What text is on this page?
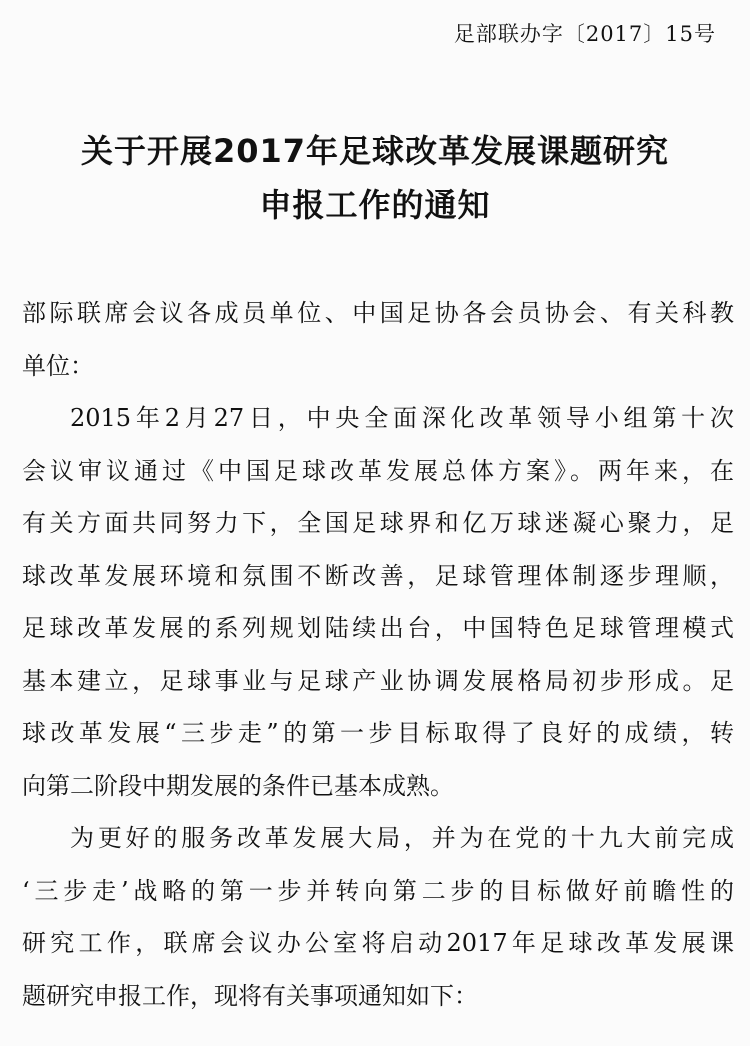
足部联办字〔2017〕15号
关于开展2017年足球改革发展课题研究
申报工作的通知
部际联席会议各成员单位、中国足协各会员协会、有关科教
单位：
2015年2月27日，中央全面深化改革领导小组第十次
会议审议通过《中国足球改革发展总体方案》。两年来，在
有关方面共同努力下，全国足球界和亿万球迷凝心聚力，足
球改革发展环境和氛围不断改善，足球管理体制逐步理顺，
足球改革发展的系列规划陆续出台，中国特色足球管理模式
基本建立，足球事业与足球产业协调发展格局初步形成。足
球改革发展“三步走”的第一步目标取得了良好的成绩，转
向第二阶段中期发展的条件已基本成熟。
为更好的服务改革发展大局，并为在党的十九大前完成
‘三步走’战略的第一步并转向第二步的目标做好前瞻性的
研究工作，联席会议办公室将启动2017年足球改革发展课
题研究申报工作，现将有关事项通知如下：
